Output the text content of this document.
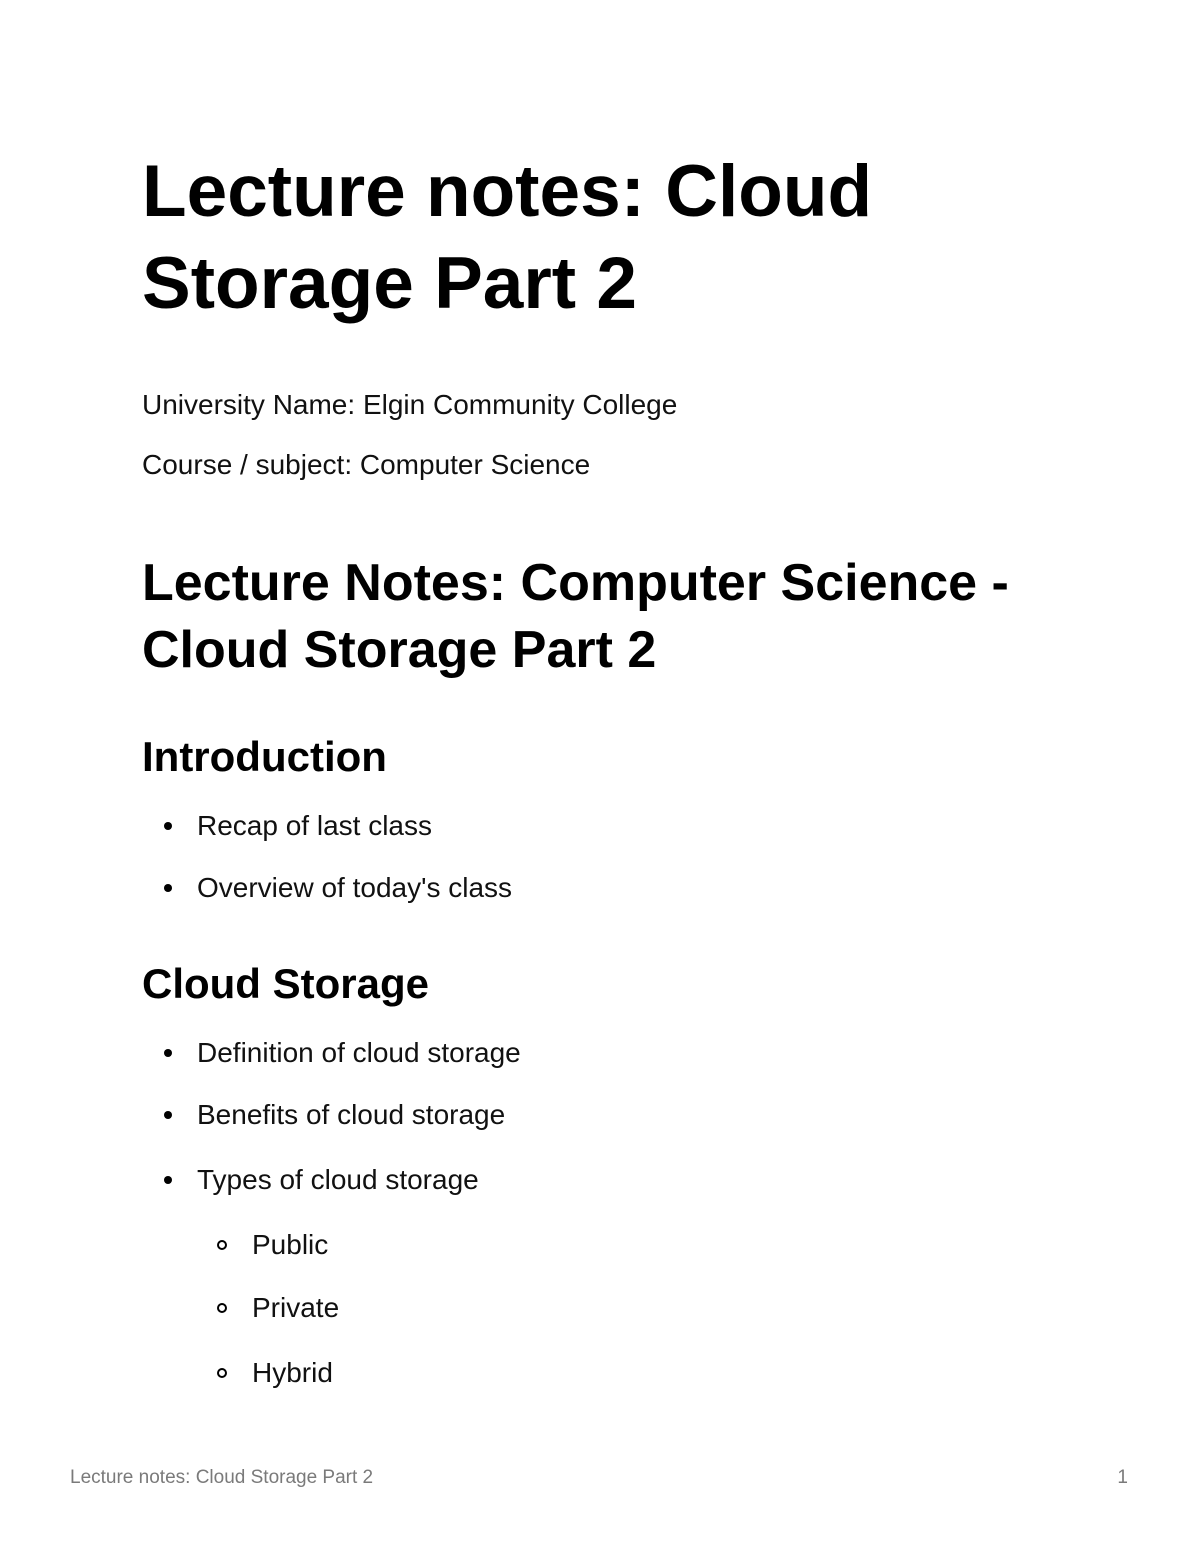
Lecture notes: Cloud Storage Part 2

University Name: Elgin Community College

Course / subject: Computer Science

Lecture Notes: Computer Science - Cloud Storage Part 2
Introduction
Recap of last class
Overview of today's class
Cloud Storage
Definition of cloud storage
Benefits of cloud storage
Types of cloud storage
Public
Private
Hybrid
Lecture notes: Cloud Storage Part 2	1
